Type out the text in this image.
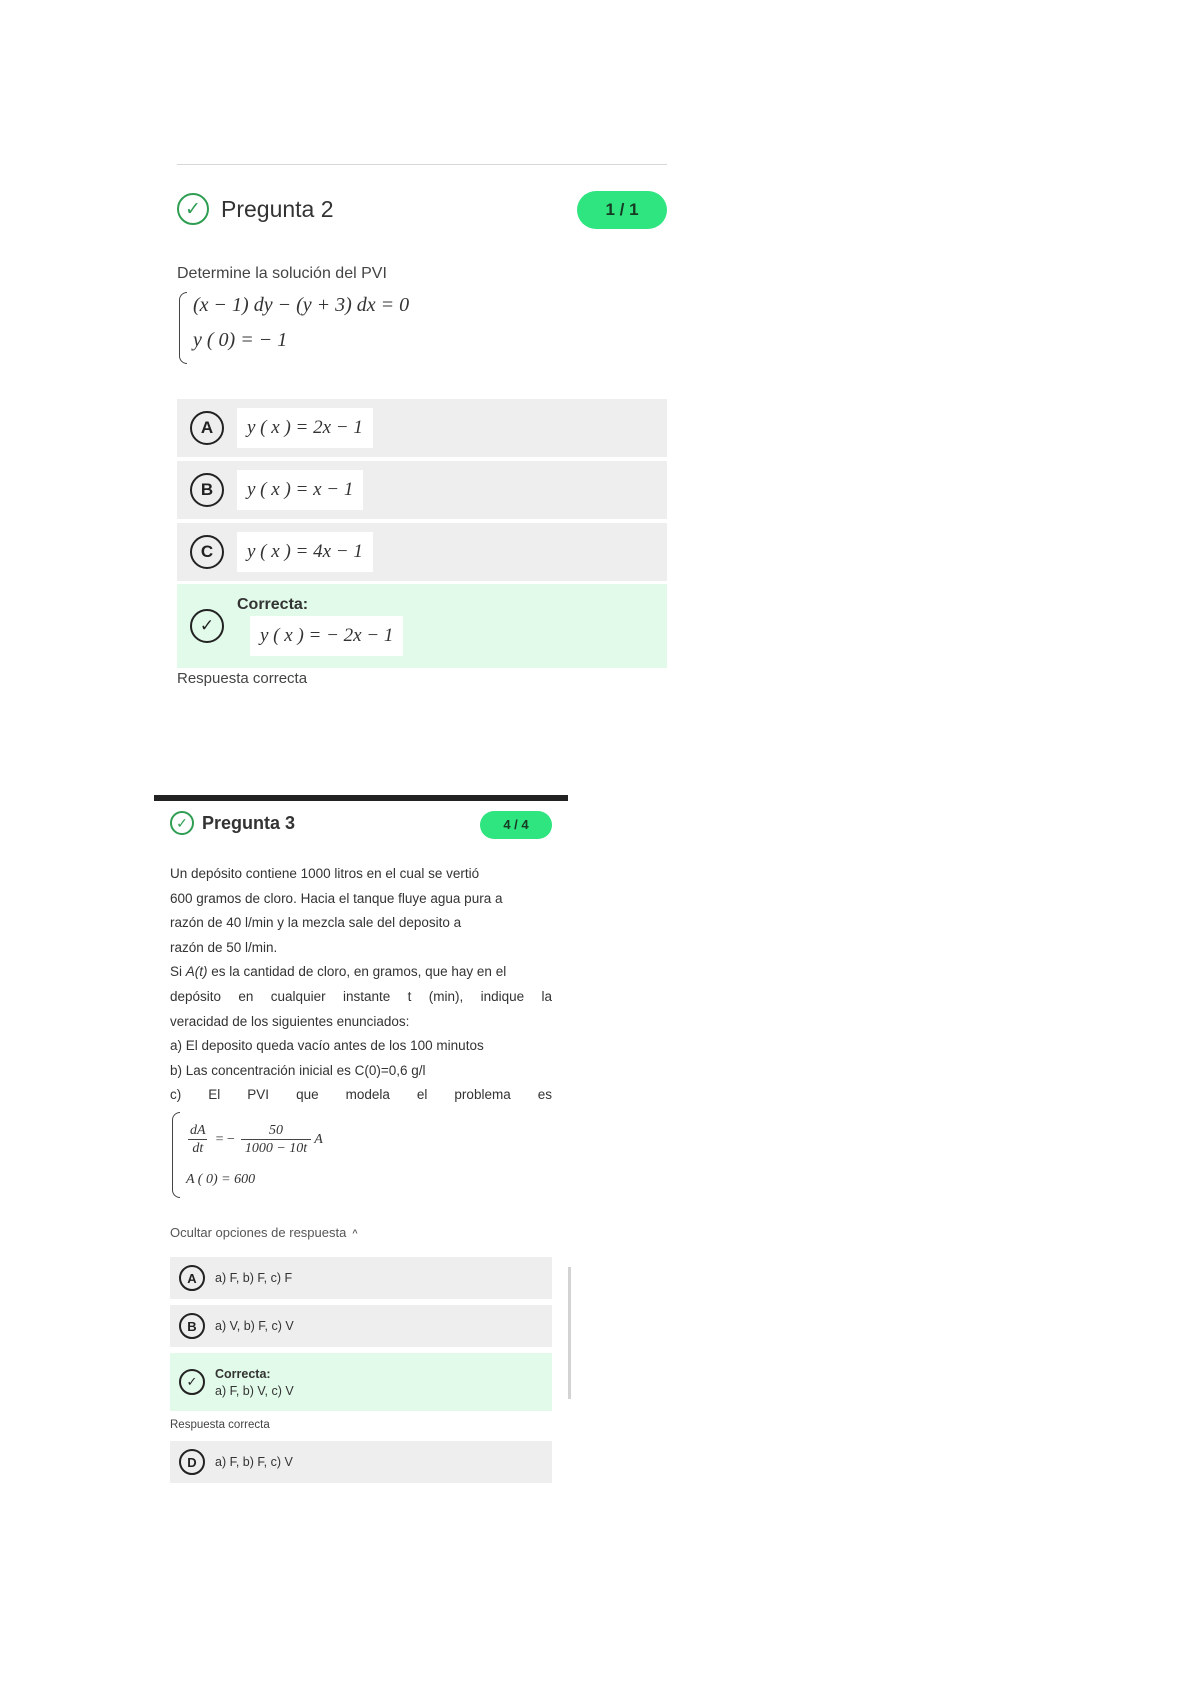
✓ Pregunta 2	1 / 1
Determine la solución del PVI
(x − 1) dy − (y + 3) dx = 0
y ( 0) = − 1
A	y ( x ) = 2x − 1
B	y ( x ) = x − 1
C	y ( x ) = 4x − 1
✓
Correcta:
y ( x ) = − 2x − 1
Respuesta correcta
✓ Pregunta 3	4 / 4

Un depósito contiene 1000 litros en el cual se vertió

600 gramos de cloro. Hacia el tanque fluye agua pura a

razón de 40 l/min y la mezcla sale del deposito a

razón de 50 l/min.

Si A(t) es la cantidad de cloro, en gramos, que hay en el

depósito en cualquier instante t (min), indique la

veracidad de los siguientes enunciados:

a) El deposito queda vacío antes de los 100 minutos

b) Las concentración inicial es C(0)=0,6 g/l

c) El PVI que modela el problema es

$\frac{dA}{dt}$ = − $\frac{50}{1000 - 10t}$ A
A ( 0) = 600
Ocultar opciones de respuesta ^
A	a) F, b) F, c) F
B	a) V, b) F, c) V
✓
Correcta:
a) F, b) V, c) V
Respuesta correcta
D	a) F, b) F, c) V
